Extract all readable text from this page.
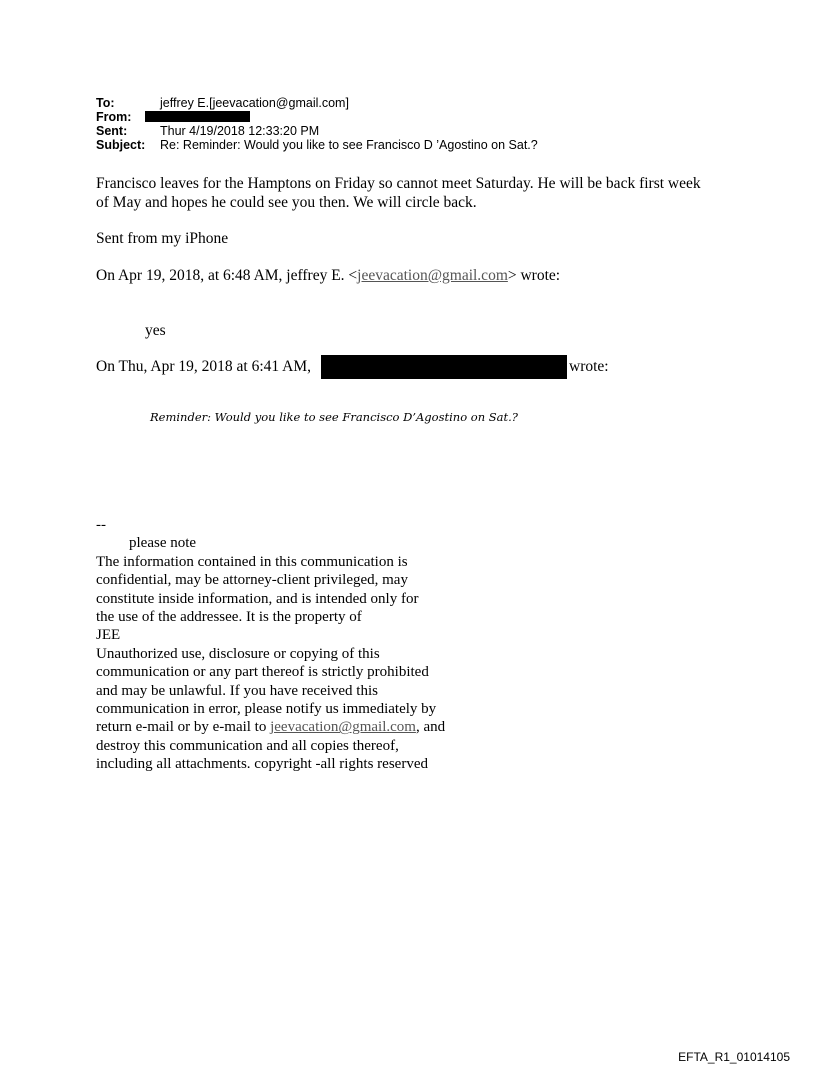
To:	jeffrey E.[jeevacation@gmail.com]
From:
Sent:	Thur 4/19/2018 12:33:20 PM
Subject: Re: Reminder: Would you like to see Francisco D ’Agostino on Sat.?
Francisco leaves for the Hamptons on Friday so cannot meet Saturday. He will be back first week
of May and hopes he could see you then. We will circle back.
Sent from my iPhone
On Apr 19, 2018, at 6:48 AM, jeffrey E. <jeevacation@gmail.com> wrote:
yes
On Thu, Apr 19, 2018 at 6:41 AM,	wrote:
Reminder: Would you like to see Francisco D’Agostino on Sat.?
--
please note
The information contained in this communication is
confidential, may be attorney-client privileged, may
constitute inside information, and is intended only for
the use of the addressee. It is the property of
JEE
Unauthorized use, disclosure or copying of this
communication or any part thereof is strictly prohibited
and may be unlawful. If you have received this
communication in error, please notify us immediately by
return e-mail or by e-mail to jeevacation@gmail.com, and
destroy this communication and all copies thereof,
including all attachments. copyright -all rights reserved
EFTA_R1_01014105
